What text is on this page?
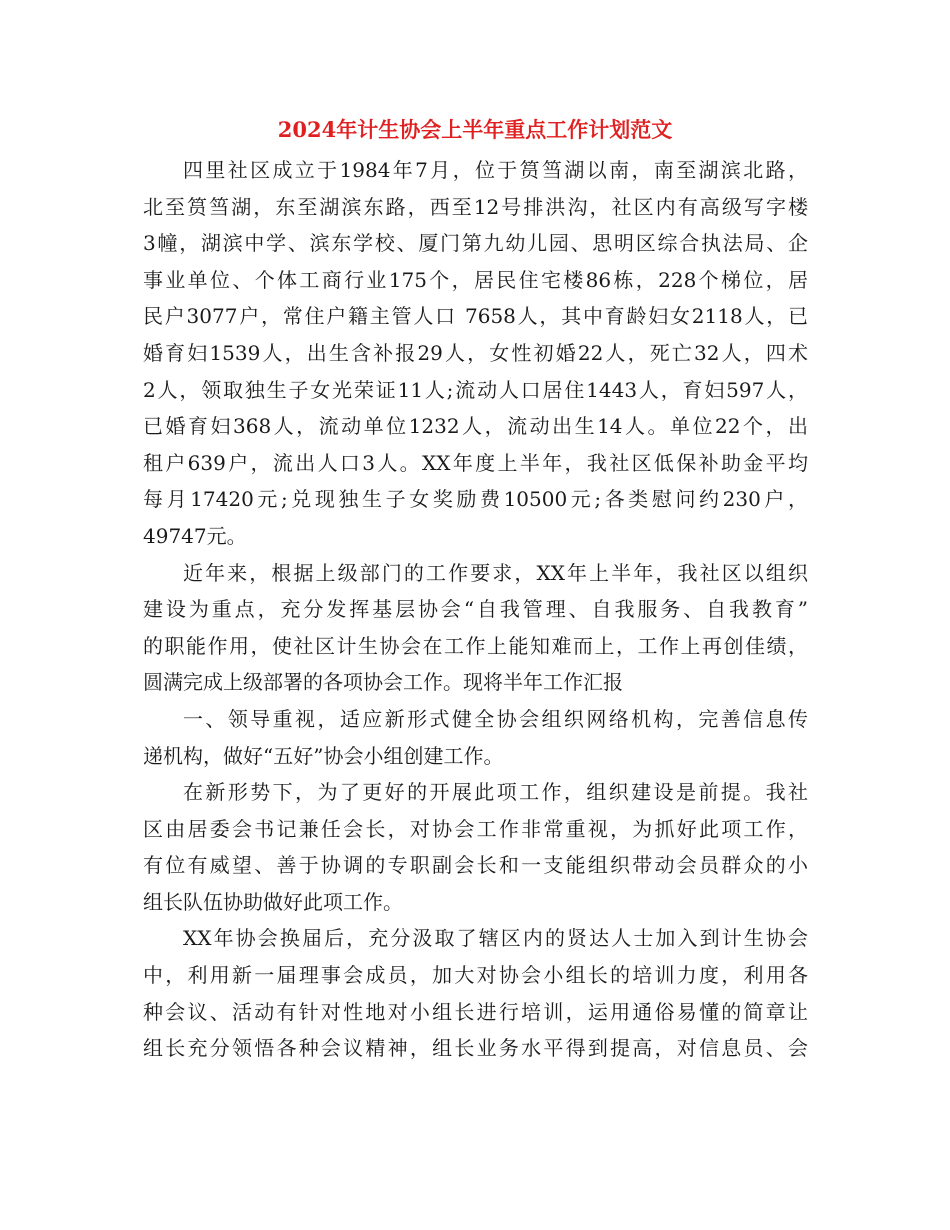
2024年计生协会上半年重点工作计划范文
四里社区成立于1984年7月，位于筼筜湖以南，南至湖滨北路，
北至筼筜湖，东至湖滨东路，西至12号排洪沟，社区内有高级写字楼
3幢，湖滨中学、滨东学校、厦门第九幼儿园、思明区综合执法局、企
事业单位、个体工商行业175个，居民住宅楼86栋，228个梯位，居
民户3077户，常住户籍主管人口 7658人，其中育龄妇女2118人，已
婚育妇1539人，出生含补报29人，女性初婚22人，死亡32人，四术
2人，领取独生子女光荣证11人;流动人口居住1443人，育妇597人，
已婚育妇368人，流动单位1232人，流动出生14人。单位22个，出
租户639户，流出人口3人。XX年度上半年，我社区低保补助金平均
每月17420元;兑现独生子女奖励费10500元;各类慰问约230户，
49747元。
近年来，根据上级部门的工作要求，XX年上半年，我社区以组织
建设为重点，充分发挥基层协会“自我管理、自我服务、自我教育”
的职能作用，使社区计生协会在工作上能知难而上，工作上再创佳绩，
圆满完成上级部署的各项协会工作。现将半年工作汇报
一、领导重视，适应新形式健全协会组织网络机构，完善信息传
递机构，做好“五好”协会小组创建工作。
在新形势下，为了更好的开展此项工作，组织建设是前提。我社
区由居委会书记兼任会长，对协会工作非常重视，为抓好此项工作，
有位有威望、善于协调的专职副会长和一支能组织带动会员群众的小
组长队伍协助做好此项工作。
XX年协会换届后，充分汲取了辖区内的贤达人士加入到计生协会
中，利用新一届理事会成员，加大对协会小组长的培训力度，利用各
种会议、活动有针对性地对小组长进行培训，运用通俗易懂的简章让
组长充分领悟各种会议精神，组长业务水平得到提高，对信息员、会
